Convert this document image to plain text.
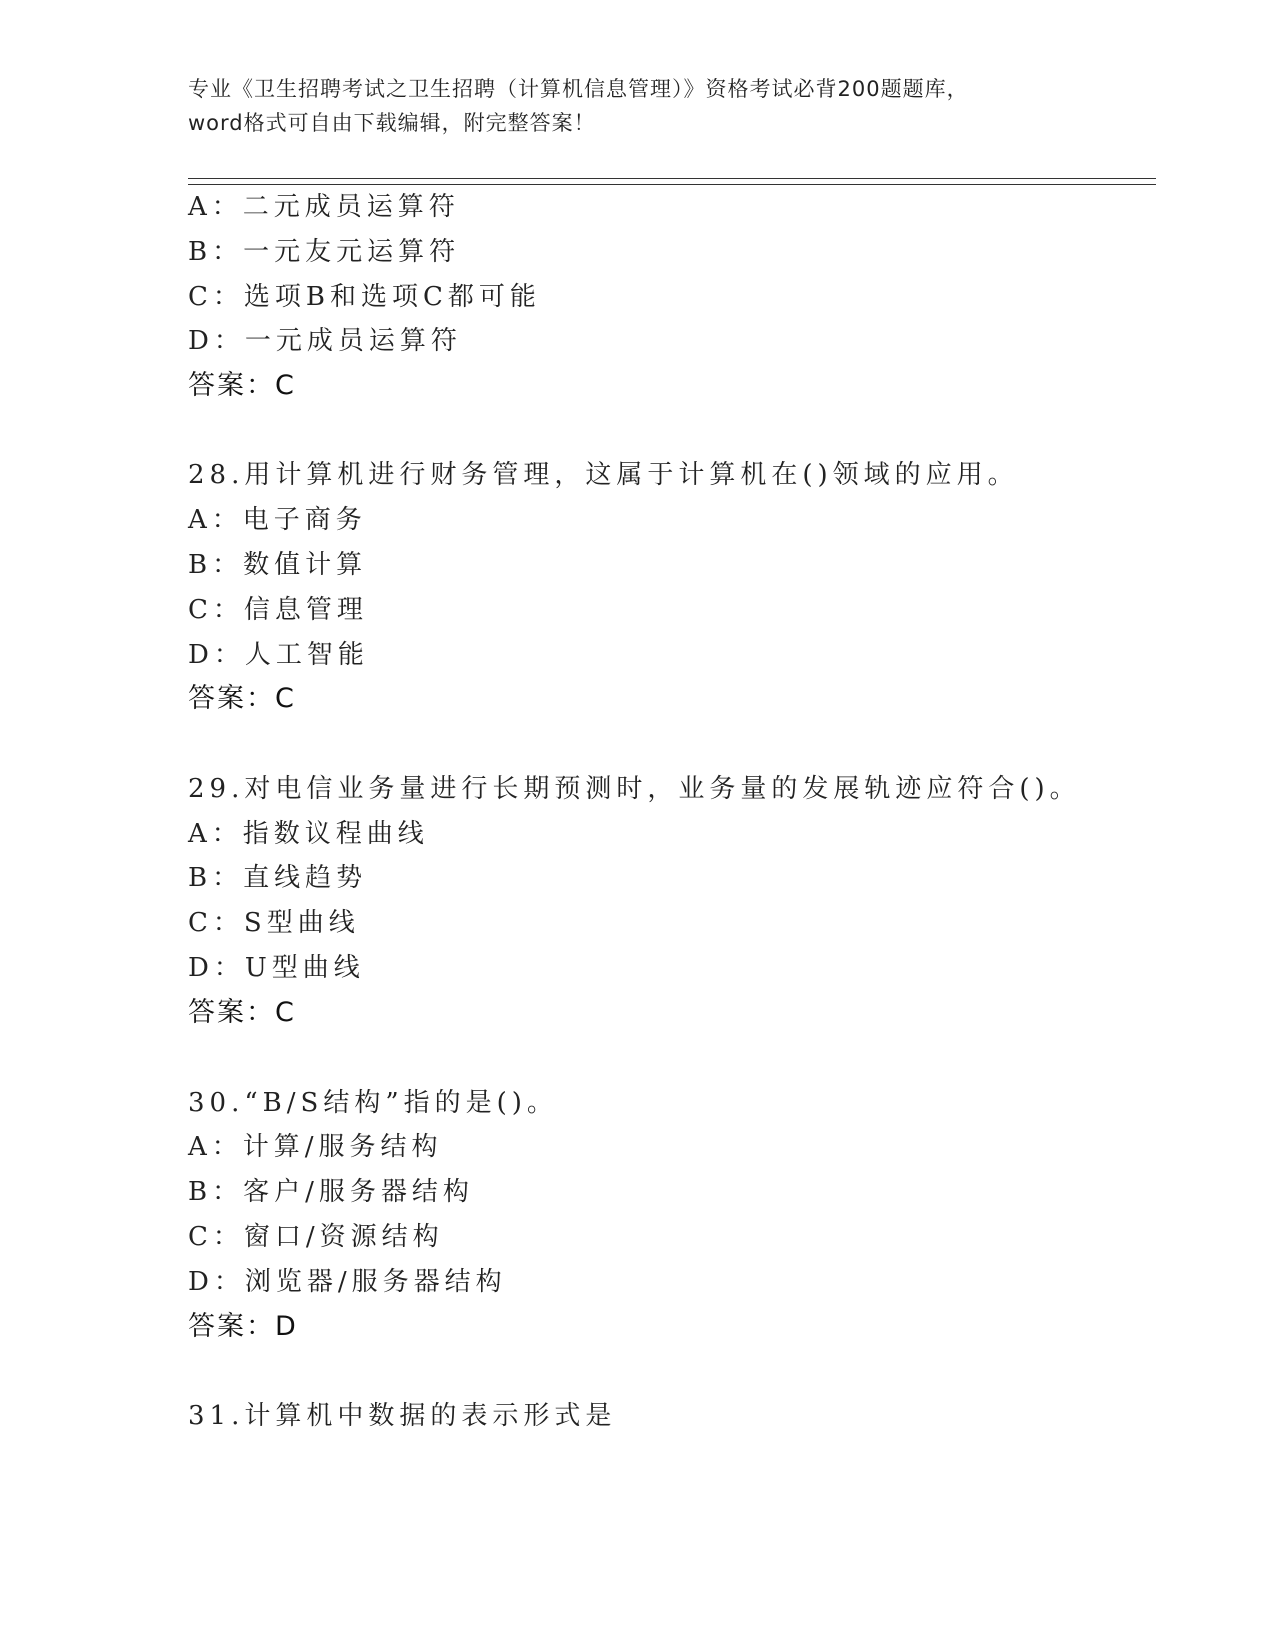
专业《卫生招聘考试之卫生招聘（计算机信息管理）》资格考试必背200题题库，
word格式可自由下载编辑，附完整答案！
A：二元成员运算符
B：一元友元运算符
C：选项B和选项C都可能
D：一元成员运算符
答案：C
28.用计算机进行财务管理，这属于计算机在()领域的应用。
A：电子商务
B：数值计算
C：信息管理
D：人工智能
答案：C
29.对电信业务量进行长期预测时，业务量的发展轨迹应符合()。
A：指数议程曲线
B：直线趋势
C：S型曲线
D：U型曲线
答案：C
30.“B/S结构”指的是()。
A：计算/服务结构
B：客户/服务器结构
C：窗口/资源结构
D：浏览器/服务器结构
答案：D
31.计算机中数据的表示形式是
